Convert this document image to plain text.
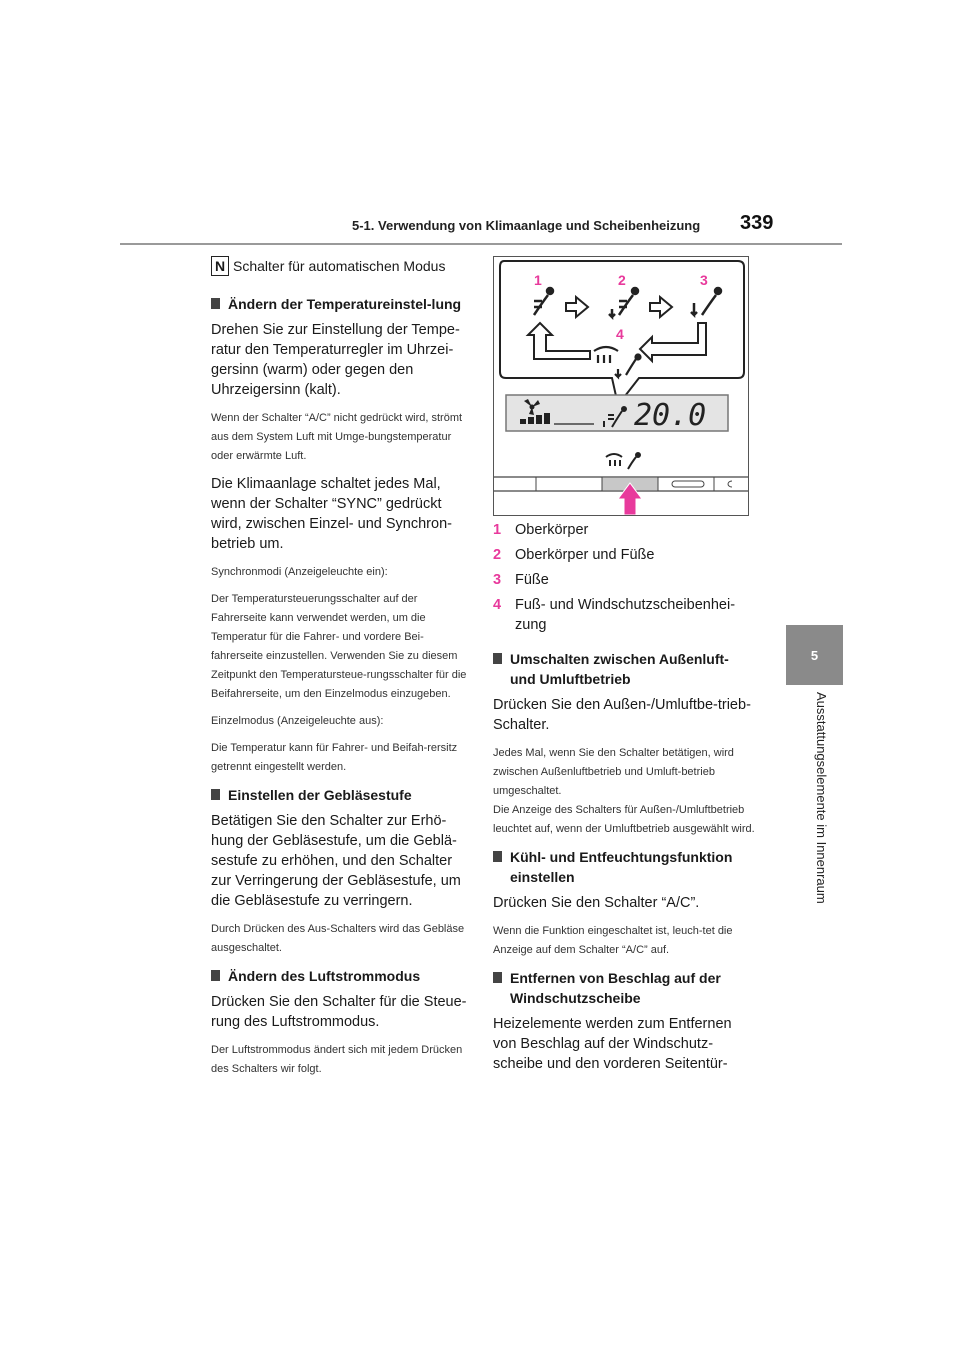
5-1. Verwendung von Klimaanlage und Scheibenheizung 339
5
Ausstattungselemente im Innenraum
N Schalter für automatischen Modus
Ändern der Temperatureinstel-lung

Drehen Sie zur Einstellung der Tempe-ratur den Temperaturregler im Uhrzei-gersinn (warm) oder gegen den Uhrzeigersinn (kalt).

Wenn der Schalter “A/C” nicht gedrückt wird, strömt aus dem System Luft mit Umge-bungstemperatur oder erwärmte Luft.

Die Klimaanlage schaltet jedes Mal, wenn der Schalter “SYNC” gedrückt wird, zwischen Einzel- und Synchron-betrieb um.

Synchronmodi (Anzeigeleuchte ein):

Der Temperatursteuerungsschalter auf der Fahrerseite kann verwendet werden, um die Temperatur für die Fahrer- und vordere Bei-fahrerseite einzustellen. Verwenden Sie zu diesem Zeitpunkt den Temperatursteue-rungsschalter für die Beifahrerseite, um den Einzelmodus einzugeben.

Einzelmodus (Anzeigeleuchte aus):

Die Temperatur kann für Fahrer- und Beifah-rersitz getrennt eingestellt werden.

Einstellen der Gebläsestufe

Betätigen Sie den Schalter zur Erhö-hung der Gebläsestufe, um die Geblä-sestufe zu erhöhen, und den Schalter zur Verringerung der Gebläsestufe, um die Gebläsestufe zu verringern.

Durch Drücken des Aus-Schalters wird das Gebläse ausgeschaltet.

Ändern des Luftstrommodus

Drücken Sie den Schalter für die Steue-rung des Luftstrommodus.

Der Luftstrommodus ändert sich mit jedem Drücken des Schalters wir folgt.

1	2	3
4
20.0
1 Oberkörper
2 Oberkörper und Füße
3 Füße
4 Fuß- und Windschutzscheibenhei-zung
Umschalten zwischen Außenluft- und Umluftbetrieb

Drücken Sie den Außen-/Umluftbe-trieb-Schalter.

Jedes Mal, wenn Sie den Schalter betätigen, wird zwischen Außenluftbetrieb und Umluft-betrieb umgeschaltet.
Die Anzeige des Schalters für Außen-/Umluftbetrieb leuchtet auf, wenn der Umluftbetrieb ausgewählt wird.

Kühl- und Entfeuchtungsfunktion einstellen

Drücken Sie den Schalter “A/C”.

Wenn die Funktion eingeschaltet ist, leuch-tet die Anzeige auf dem Schalter “A/C” auf.

Entfernen von Beschlag auf der Windschutzscheibe

Heizelemente werden zum Entfernen von Beschlag auf der Windschutz-scheibe und den vorderen Seitentür-
